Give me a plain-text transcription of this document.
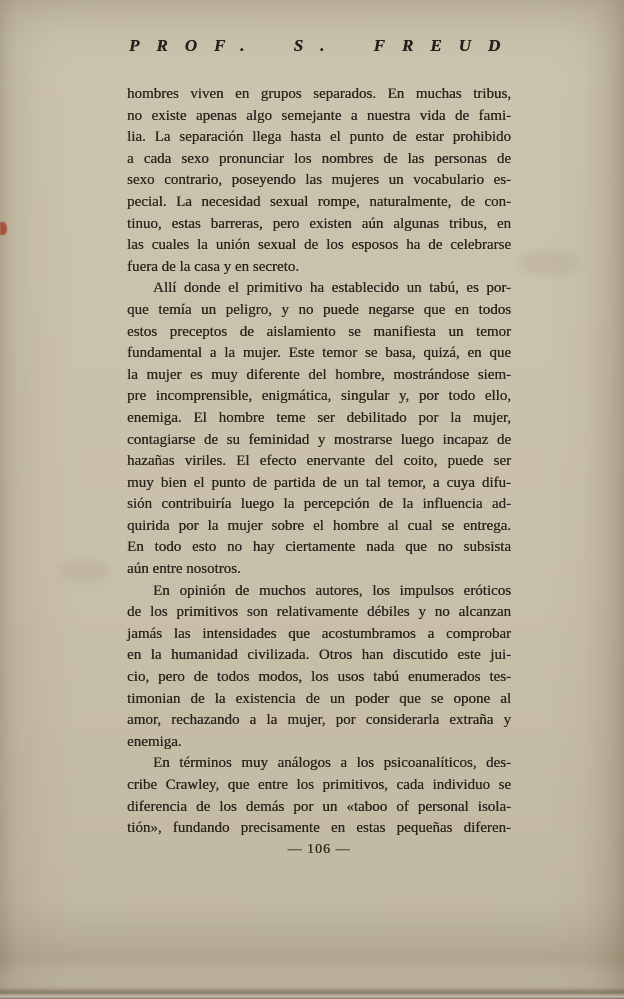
PROF. S. FREUD
hombres viven en grupos separados. En muchas tribus,
no existe apenas algo semejante a nuestra vida de fami-
lia. La separación llega hasta el punto de estar prohibido
a cada sexo pronunciar los nombres de las personas de
sexo contrario, poseyendo las mujeres un vocabulario es-
pecial. La necesidad sexual rompe, naturalmente, de con-
tinuo, estas barreras, pero existen aún algunas tribus, en
las cuales la unión sexual de los esposos ha de celebrarse
fuera de la casa y en secreto.
Allí donde el primitivo ha establecido un tabú, es por-
que temía un peligro, y no puede negarse que en todos
estos preceptos de aislamiento se manifiesta un temor
fundamental a la mujer. Este temor se basa, quizá, en que
la mujer es muy diferente del hombre, mostrándose siem-
pre incomprensible, enigmática, singular y, por todo ello,
enemiga. El hombre teme ser debilitado por la mujer,
contagiarse de su feminidad y mostrarse luego incapaz de
hazañas viriles. El efecto enervante del coito, puede ser
muy bien el punto de partida de un tal temor, a cuya difu-
sión contribuiría luego la percepción de la influencia ad-
quirida por la mujer sobre el hombre al cual se entrega.
En todo esto no hay ciertamente nada que no subsista
aún entre nosotros.
En opinión de muchos autores, los impulsos eróticos
de los primitivos son relativamente débiles y no alcanzan
jamás las intensidades que acostumbramos a comprobar
en la humanidad civilizada. Otros han discutido este jui-
cio, pero de todos modos, los usos tabú enumerados tes-
timonian de la existencia de un poder que se opone al
amor, rechazando a la mujer, por considerarla extraña y
enemiga.
En términos muy análogos a los psicoanalíticos, des-
cribe Crawley, que entre los primitivos, cada individuo se
diferencia de los demás por un «taboo of personal isola-
tión», fundando precisamente en estas pequeñas diferen-
— 106 —
